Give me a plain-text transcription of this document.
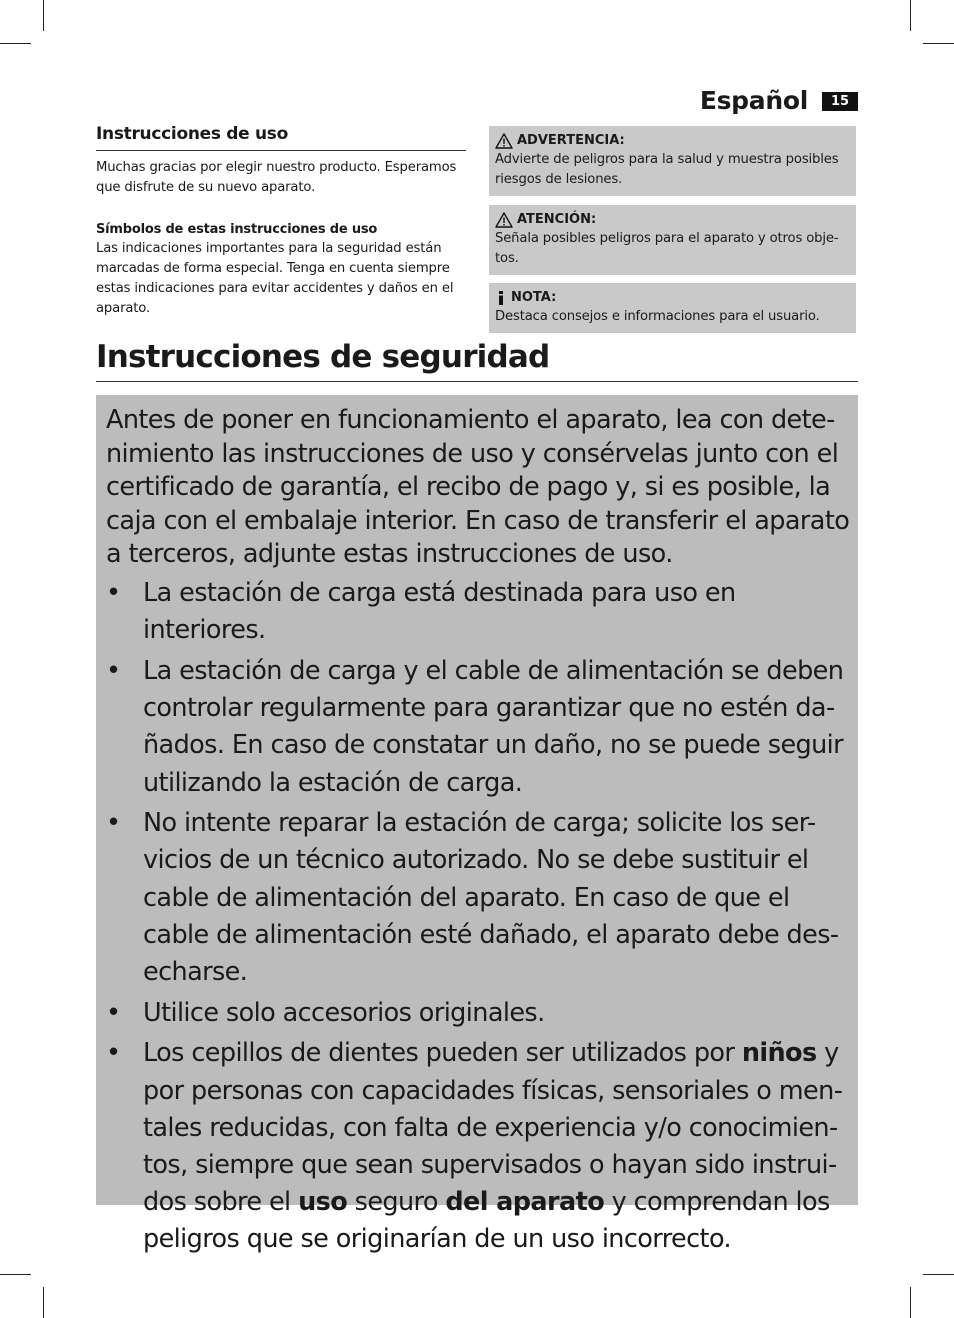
Español	15
Instrucciones de uso
Muchas gracias por elegir nuestro producto. Esperamos que disfrute de su nuevo aparato.
Símbolos de estas instrucciones de uso
Las indicaciones importantes para la seguridad están marcadas de forma especial. Tenga en cuenta siempre estas indicaciones para evitar accidentes y daños en el aparato.
ADVERTENCIA:
Advierte de peligros para la salud y muestra posibles riesgos de lesiones.
ATENCIÓN:
Señala posibles peligros para el aparato y otros obje-tos.
NOTA:
Destaca consejos e informaciones para el usuario.
Instrucciones de seguridad

Antes de poner en funcionamiento el aparato, lea con dete-nimiento las instrucciones de uso y consérvelas junto con el certificado de garantía, el recibo de pago y, si es posible, la caja con el embalaje interior. En caso de transferir el aparato a terceros, adjunte estas instrucciones de uso.

• La estación de carga está destinada para uso en interiores.
• La estación de carga y el cable de alimentación se deben controlar regularmente para garantizar que no estén da-ñados. En caso de constatar un daño, no se puede seguir utilizando la estación de carga.
• No intente reparar la estación de carga; solicite los ser-vicios de un técnico autorizado. No se debe sustituir el cable de alimentación del aparato. En caso de que el cable de alimentación esté dañado, el aparato debe des-echarse.
• Utilice solo accesorios originales.
• Los cepillos de dientes pueden ser utilizados por niños y por personas con capacidades físicas, sensoriales o men-tales reducidas, con falta de experiencia y/o conocimien-tos, siempre que sean supervisados o hayan sido instrui-dos sobre el uso seguro del aparato y comprendan los peligros que se originarían de un uso incorrecto.
